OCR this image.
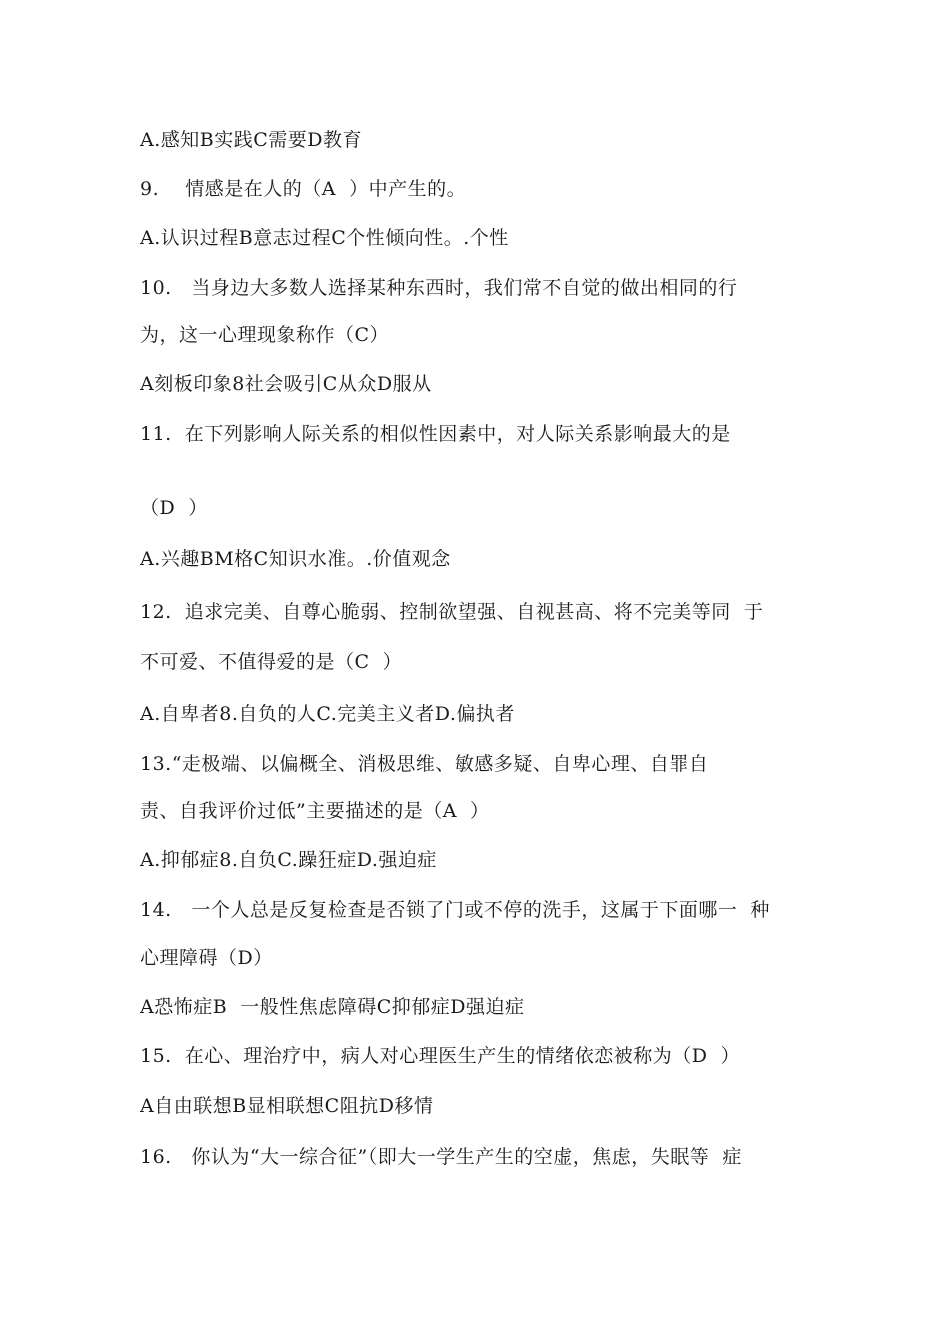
A.感知B实践C需要D教育
9.    情感是在人的（A  ）中产生的。
A.认识过程B意志过程C个性倾向性。.个性
10.   当身边大多数人选择某种东西时，我们常不自觉的做出相同的行
为，这一心理现象称作（C）
A刻板印象8社会吸引C从众D服从
11.  在下列影响人际关系的相似性因素中，对人际关系影响最大的是
（D  ）
A.兴趣BM格C知识水准。.价值观念
12.  追求完美、自尊心脆弱、控制欲望强、自视甚高、将不完美等同  于
不可爱、不值得爱的是（C  ）
A.自卑者8.自负的人C.完美主义者D.偏执者
13.“走极端、以偏概全、消极思维、敏感多疑、自卑心理、自罪自
责、自我评价过低”主要描述的是（A  ）
A.抑郁症8.自负C.躁狂症D.强迫症
14.   一个人总是反复检查是否锁了门或不停的洗手，这属于下面哪一  种
心理障碍（D）
A恐怖症B  一般性焦虑障碍C抑郁症D强迫症
15.  在心、理治疗中，病人对心理医生产生的情绪依恋被称为（D  ）
A自由联想B显相联想C阻抗D移情
16.   你认为“大一综合征”（即大一学生产生的空虚，焦虑，失眠等  症
